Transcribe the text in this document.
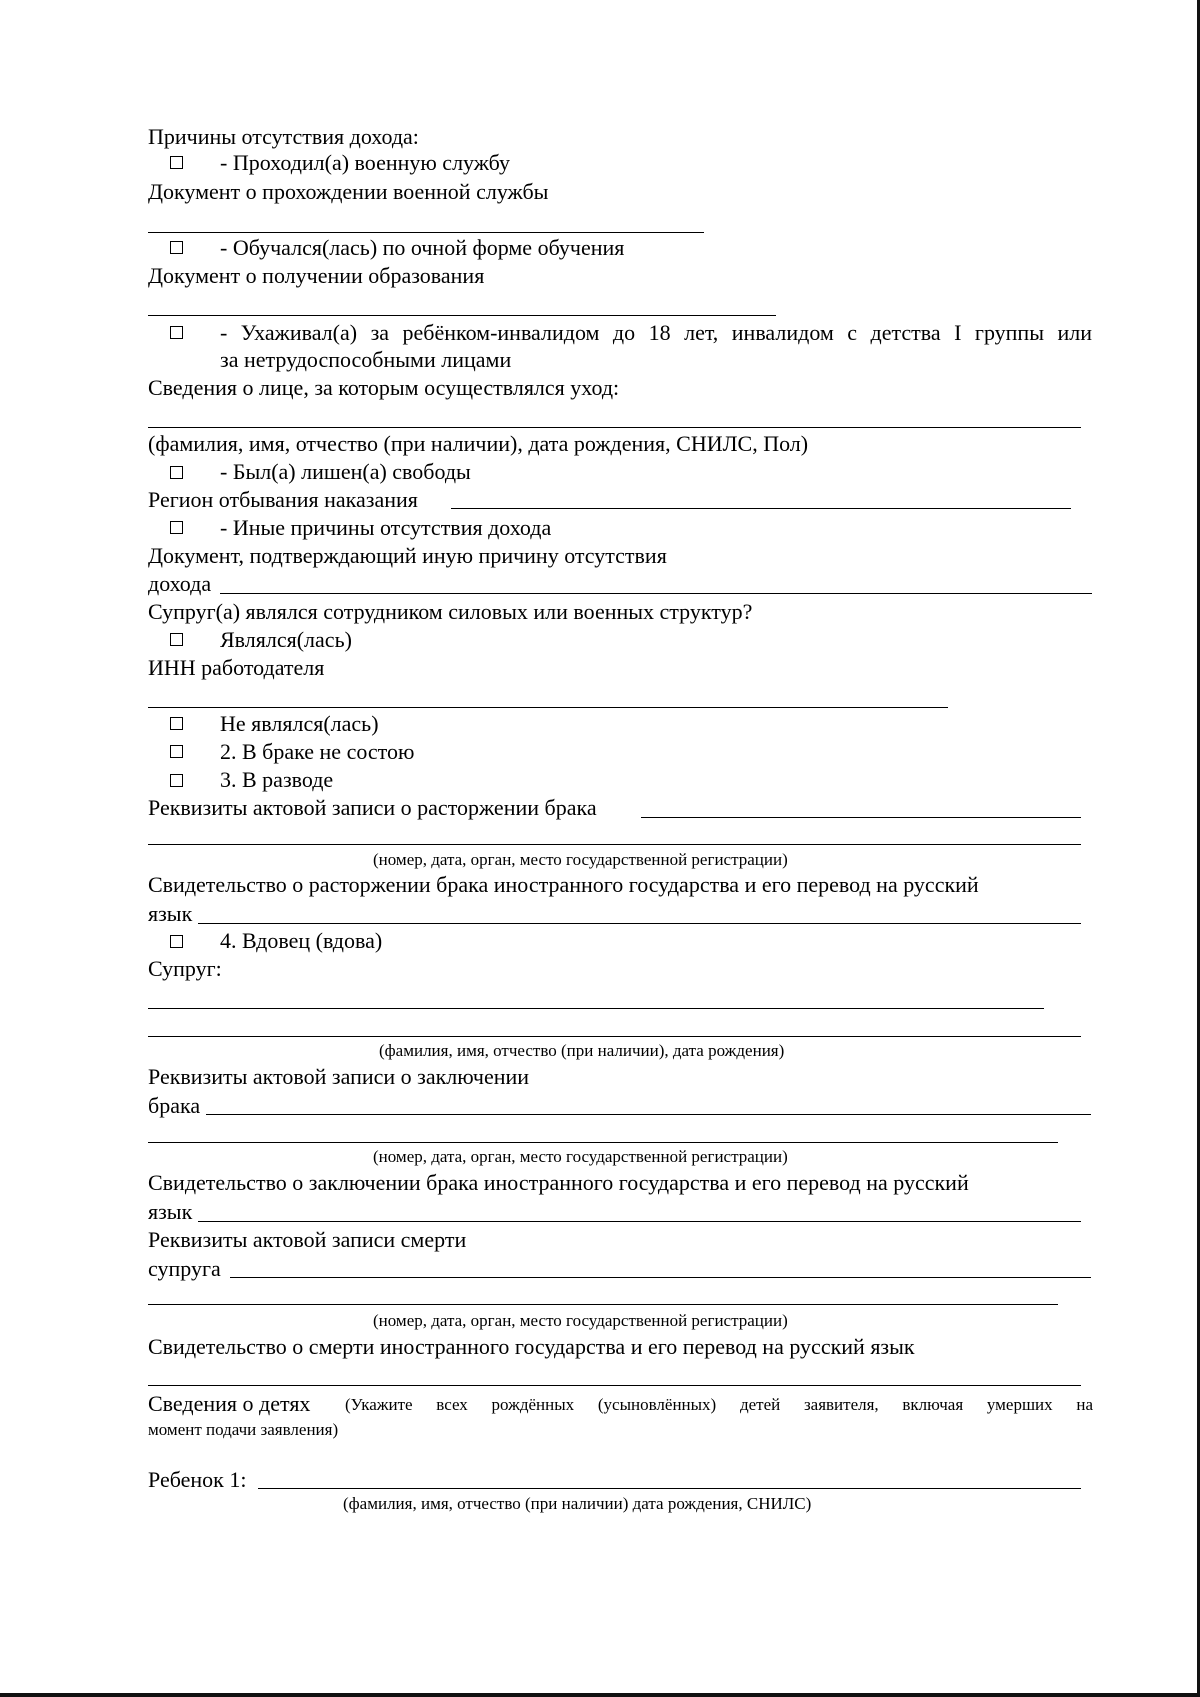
Причины отсутствия дохода:
- Проходил(а) военную службу
Документ о прохождении военной службы
- Обучался(лась) по очной форме обучения
Документ о получении образования
- Ухаживал(а) за ребёнком-инвалидом до 18 лет, инвалидом с детства I группы или
за нетрудоспособными лицами
Сведения о лице, за которым осуществлялся уход:
(фамилия, имя, отчество (при наличии), дата рождения, СНИЛС, Пол)
- Был(а) лишен(а) свободы
Регион отбывания наказания
- Иные причины отсутствия дохода
Документ, подтверждающий иную причину отсутствия
дохода
Супруг(а) являлся сотрудником силовых или военных структур?
Являлся(лась)
ИНН работодателя
Не являлся(лась)
2. В браке не состою
3. В разводе
Реквизиты актовой записи о расторжении брака
(номер, дата, орган, место государственной регистрации)
Свидетельство о расторжении брака иностранного государства и его перевод на русский
язык
4. Вдовец (вдова)
Супруг:
(фамилия, имя, отчество (при наличии), дата рождения)
Реквизиты актовой записи о заключении
брака
(номер, дата, орган, место государственной регистрации)
Свидетельство о заключении брака иностранного государства и его перевод на русский
язык
Реквизиты актовой записи смерти
супруга
(номер, дата, орган, место государственной регистрации)
Свидетельство о смерти иностранного государства и его перевод на русский язык
Сведения о детях (Укажите всех рождённых (усыновлённых) детей заявителя, включая умерших на
момент подачи заявления)
Ребенок 1:
(фамилия, имя, отчество (при наличии) дата рождения, СНИЛС)
